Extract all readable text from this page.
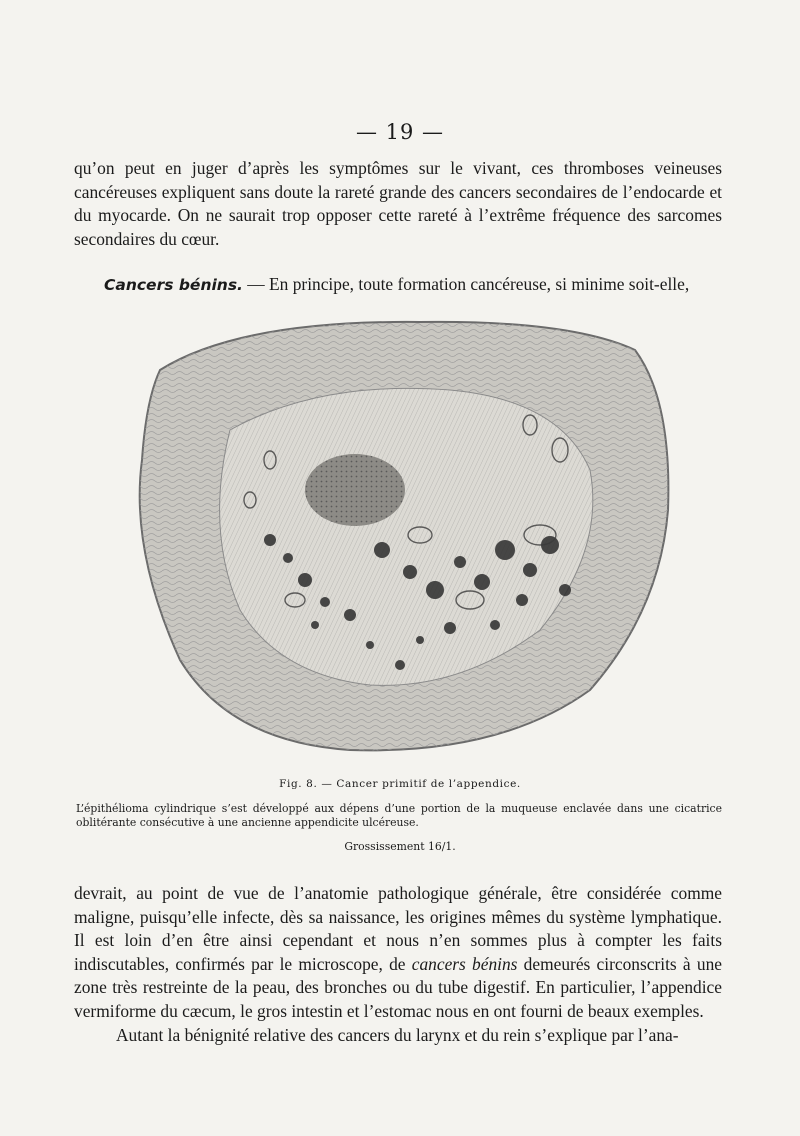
— 19 —

qu’on peut en juger d’après les symptômes sur le vivant, ces thromboses veineuses cancéreuses expliquent sans doute la rareté grande des cancers secondaires de l’endocarde et du myocarde. On ne saurait trop opposer cette rareté à l’extrême fréquence des sarcomes secondaires du cœur.

Cancers bénins. — En principe, toute formation cancéreuse, si minime soit-elle,
Fig. 8. — Cancer primitif de l’appendice.
L’épithélioma cylindrique s’est développé aux dépens d’une portion de la muqueuse enclavée dans une cicatrice oblitérante consécutive à une ancienne appendicite ulcéreuse.
Grossissement 16/1.

devrait, au point de vue de l’anatomie pathologique générale, être considérée comme maligne, puisqu’elle infecte, dès sa naissance, les origines mêmes du système lymphatique. Il est loin d’en être ainsi cependant et nous n’en sommes plus à compter les faits indiscutables, confirmés par le microscope, de cancers bénins demeurés circonscrits à une zone très restreinte de la peau, des bronches ou du tube digestif. En particulier, l’appendice vermiforme du cæcum, le gros intestin et l’estomac nous en ont fourni de beaux exemples.

Autant la bénignité relative des cancers du larynx et du rein s’explique par l’ana-
